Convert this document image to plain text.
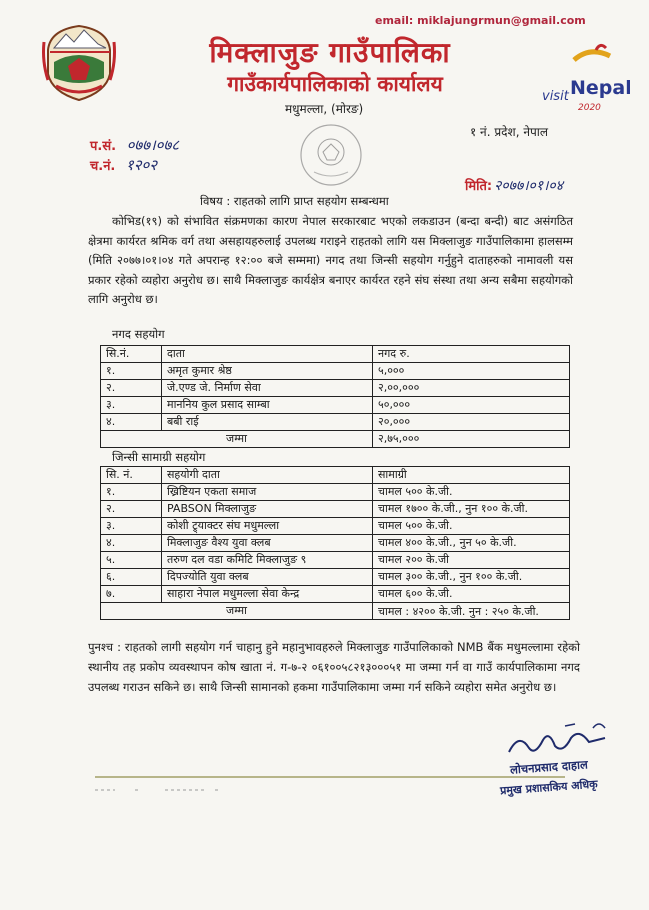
email: miklajungrmun@gmail.com
मिक्लाजुङ गाउँपालिका
गाउँकार्यपालिकाको कार्यालय
मधुमल्ला, (मोरङ)
१ नं. प्रदेश, नेपाल
visit Nepal
2020
प.सं. ०७७।०७८
च.नं. १२०२
मिति: २०७७।०१।०४
विषय : राहतको लागि प्राप्त सहयोग सम्बन्धमा

कोभिड(१९) को संभावित संक्रमणका कारण नेपाल सरकारबाट भएको लकडाउन (बन्दा बन्दी) बाट असंगठित क्षेत्रमा कार्यरत श्रमिक वर्ग तथा असहायहरुलाई उपलब्ध गराइने राहतको लागि यस मिक्लाजुङ गाउँपालिकामा हालसम्म (मिति २०७७।०१।०४ गते अपरान्ह १२:०० बजे सम्ममा) नगद तथा जिन्सी सहयोग गर्नुहुने दाताहरुको नामावली यस प्रकार रहेको व्यहोरा अनुरोध छ। साथै मिक्लाजुङ कार्यक्षेत्र बनाएर कार्यरत रहने संघ संस्था तथा अन्य सबैमा सहयोगको लागि अनुरोध छ।

नगद सहयोग
सि.नं.	दाता	नगद रु.
१.	अमृत कुमार श्रेष्ठ	५,०००
२.	जे.एण्ड जे. निर्माण सेवा	२,००,०००
३.	माननिय कुल प्रसाद साम्बा	५०,०००
४.	बबी राई	२०,०००
जम्मा		२,७५,०००
जिन्सी सामाग्री सहयोग
सि. नं.	सहयोगी दाता	सामाग्री
१.	ख्रिष्टियन एकता समाज	चामल ५०० के.जी.
२.	PABSON मिक्लाजुङ	चामल १७०० के.जी., नुन १०० के.जी.
३.	कोशी ट्र्याक्टर संघ मधुमल्ला	चामल ५०० के.जी.
४.	मिक्लाजुङ वैश्य युवा क्लब	चामल ४०० के.जी., नुन ५० के.जी.
५.	तरुण दल वडा कमिटि मिक्लाजुङ ९	चामल २०० के.जी
६.	दिपज्योति युवा क्लब	चामल ३०० के.जी., नुन १०० के.जी.
७.	साहारा नेपाल मधुमल्ला सेवा केन्द्र	चामल ६०० के.जी.
जम्मा		चामल : ४२०० के.जी. नुन : २५० के.जी.
पुनश्च : राहतको लागी सहयोग गर्न चाहानु हुने महानुभावहरुले मिक्लाजुङ गाउँपालिकाको NMB बैंक मधुमल्लामा रहेको स्थानीय तह प्रकोप व्यवस्थापन कोष खाता नं. ग-७-२ ०६१००५८२१३०००५१ मा जम्मा गर्न वा गाउँ कार्यपालिकामा नगद उपलब्ध गराउन सकिने छ। साथै जिन्सी सामानको हकमा गाउँपालिकामा जम्मा गर्न सकिने व्यहोरा समेत अनुरोध छ।
लोचनप्रसाद दाहाल
प्रमुख प्रशासकिय अधिकृ
